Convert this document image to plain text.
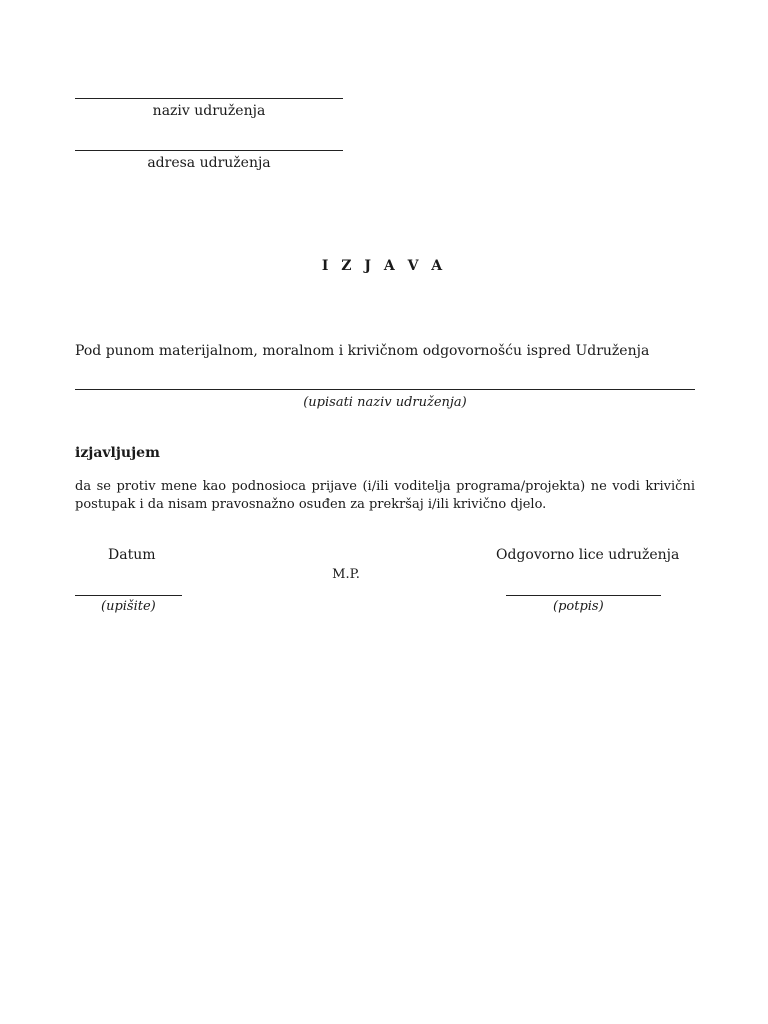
naziv udruženja
adresa udruženja
I Z J A V A
Pod punom materijalnom, moralnom i krivičnom odgovornošću ispred Udruženja
(upisati naziv udruženja)
izjavljujem
da se protiv mene kao podnosioca prijave (i/ili voditelja programa/projekta) ne vodi krivični postupak i da nisam pravosnažno osuđen za prekršaj i/ili krivično djelo.
Datum	Odgovorno lice udruženja
M.P.
(upišite)	(potpis)
